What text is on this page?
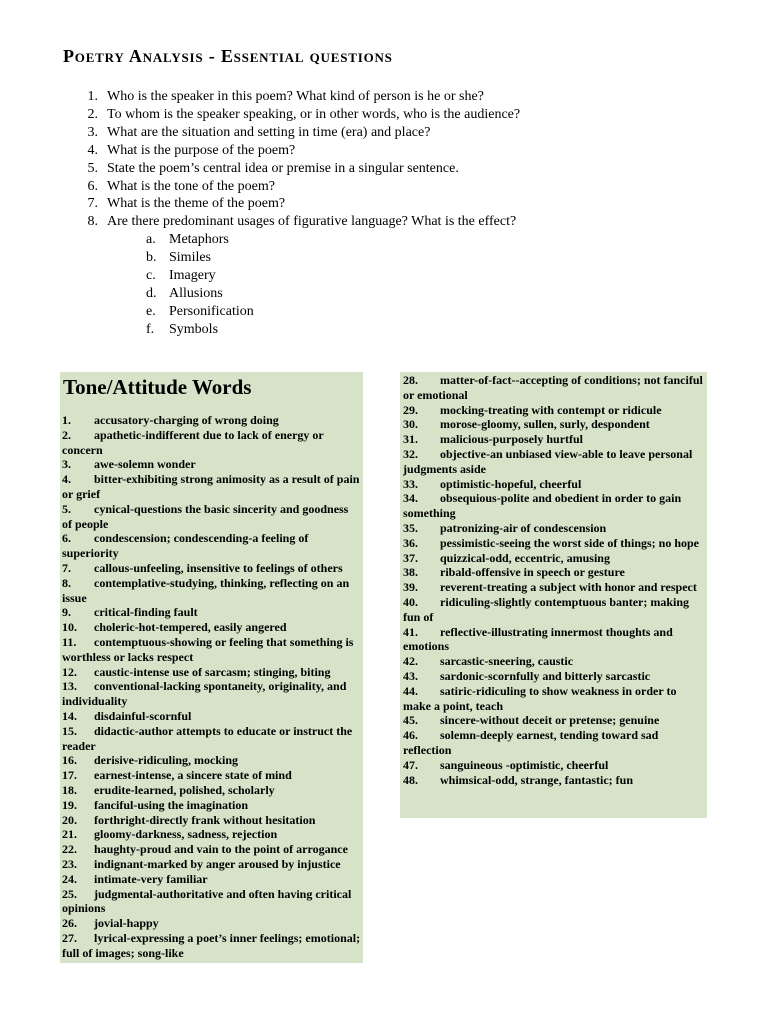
Poetry Analysis - Essential questions
1. Who is the speaker in this poem? What kind of person is he or she?
2. To whom is the speaker speaking, or in other words, who is the audience?
3. What are the situation and setting in time (era) and place?
4. What is the purpose of the poem?
5. State the poem’s central idea or premise in a singular sentence.
6. What is the tone of the poem?
7. What is the theme of the poem?
8. Are there predominant usages of figurative language? What is the effect?
a. Metaphors
b. Similes
c. Imagery
d. Allusions
e. Personification
f. Symbols
Tone/Attitude Words
1. accusatory-charging of wrong doing
2. apathetic-indifferent due to lack of energy or concern
3. awe-solemn wonder
4. bitter-exhibiting strong animosity as a result of pain or grief
5. cynical-questions the basic sincerity and goodness of people
6. condescension; condescending-a feeling of superiority
7. callous-unfeeling, insensitive to feelings of others
8. contemplative-studying, thinking, reflecting on an issue
9. critical-finding fault
10. choleric-hot-tempered, easily angered
11. contemptuous-showing or feeling that something is worthless or lacks respect
12. caustic-intense use of sarcasm; stinging, biting
13. conventional-lacking spontaneity, originality, and individuality
14. disdainful-scornful
15. didactic-author attempts to educate or instruct the reader
16. derisive-ridiculing, mocking
17. earnest-intense, a sincere state of mind
18. erudite-learned, polished, scholarly
19. fanciful-using the imagination
20. forthright-directly frank without hesitation
21. gloomy-darkness, sadness, rejection
22. haughty-proud and vain to the point of arrogance
23. indignant-marked by anger aroused by injustice
24. intimate-very familiar
25. judgmental-authoritative and often having critical opinions
26. jovial-happy
27. lyrical-expressing a poet’s inner feelings; emotional; full of images; song-like
28. matter-of-fact--accepting of conditions; not fanciful or emotional
29. mocking-treating with contempt or ridicule
30. morose-gloomy, sullen, surly, despondent
31. malicious-purposely hurtful
32. objective-an unbiased view-able to leave personal judgments aside
33. optimistic-hopeful, cheerful
34. obsequious-polite and obedient in order to gain something
35. patronizing-air of condescension
36. pessimistic-seeing the worst side of things; no hope
37. quizzical-odd, eccentric, amusing
38. ribald-offensive in speech or gesture
39. reverent-treating a subject with honor and respect
40. ridiculing-slightly contemptuous banter; making fun of
41. reflective-illustrating innermost thoughts and emotions
42. sarcastic-sneering, caustic
43. sardonic-scornfully and bitterly sarcastic
44. satiric-ridiculing to show weakness in order to make a point, teach
45. sincere-without deceit or pretense; genuine
46. solemn-deeply earnest, tending toward sad reflection
47. sanguineous -optimistic, cheerful
48. whimsical-odd, strange, fantastic; fun
